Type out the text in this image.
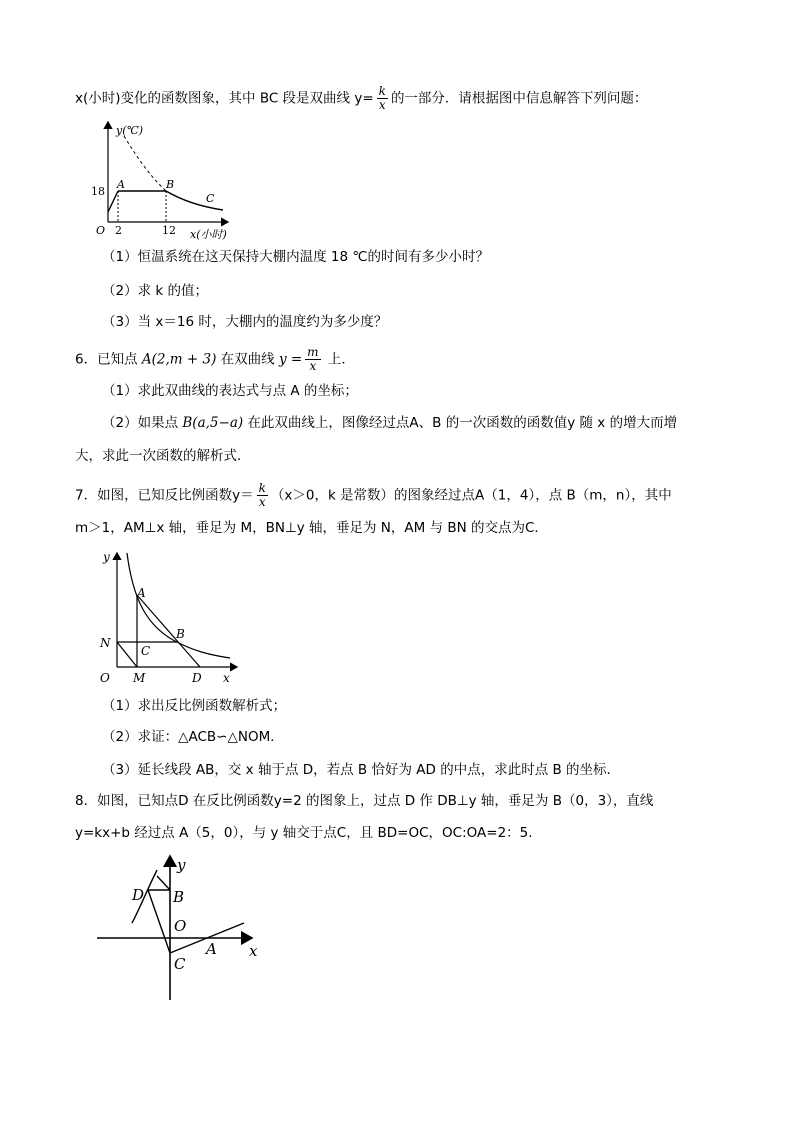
x(小时)变化的函数图象，其中 BC 段是双曲线 $y= \frac{k}{x}$ 的一部分．请根据图中信息解答下列问题：
y(℃)
18
A	B
C
O 2	12 x(小时)
（1）恒温系统在这天保持大棚内温度 18 ℃的时间有多少小时？
（2）求 k 的值；
（3）当 x＝16 时，大棚内的温度约为多少度？
6．已知点 A(2,m + 3) 在双曲线 $y = \frac{m}{x}$ 上．
（1）求此双曲线的表达式与点 A 的坐标；
（2）如果点 B(a,5−a) 在此双曲线上，图像经过点A、B 的一次函数的函数值y 随 x 的增大而增
大，求此一次函数的解析式．
7．如图，已知反比例函数$y= \frac{k}{x} (x>0$，k 是常数）的图象经过点A（1，4），点 B（m，n），其中
m＞1，AM⊥x 轴，垂足为 M，BN⊥y 轴，垂足为 N，AM 与 BN 的交点为C．
y
A
B
N
C
O M	D x
（1）求出反比例函数解析式；
（2）求证：△ACB∽△NOM．
（3）延长线段 AB，交 x 轴于点 D，若点 B 恰好为 AD 的中点，求此时点 B 的坐标．
8．如图，已知点D 在反比例函数y=2 的图象上，过点 D 作 DB⊥y 轴，垂足为 B（0，3），直线
y=kx+b 经过点 A（5，0），与 y 轴交于点C，且 BD=OC，OC:OA=2：5.
y
D B
O
A x
C
